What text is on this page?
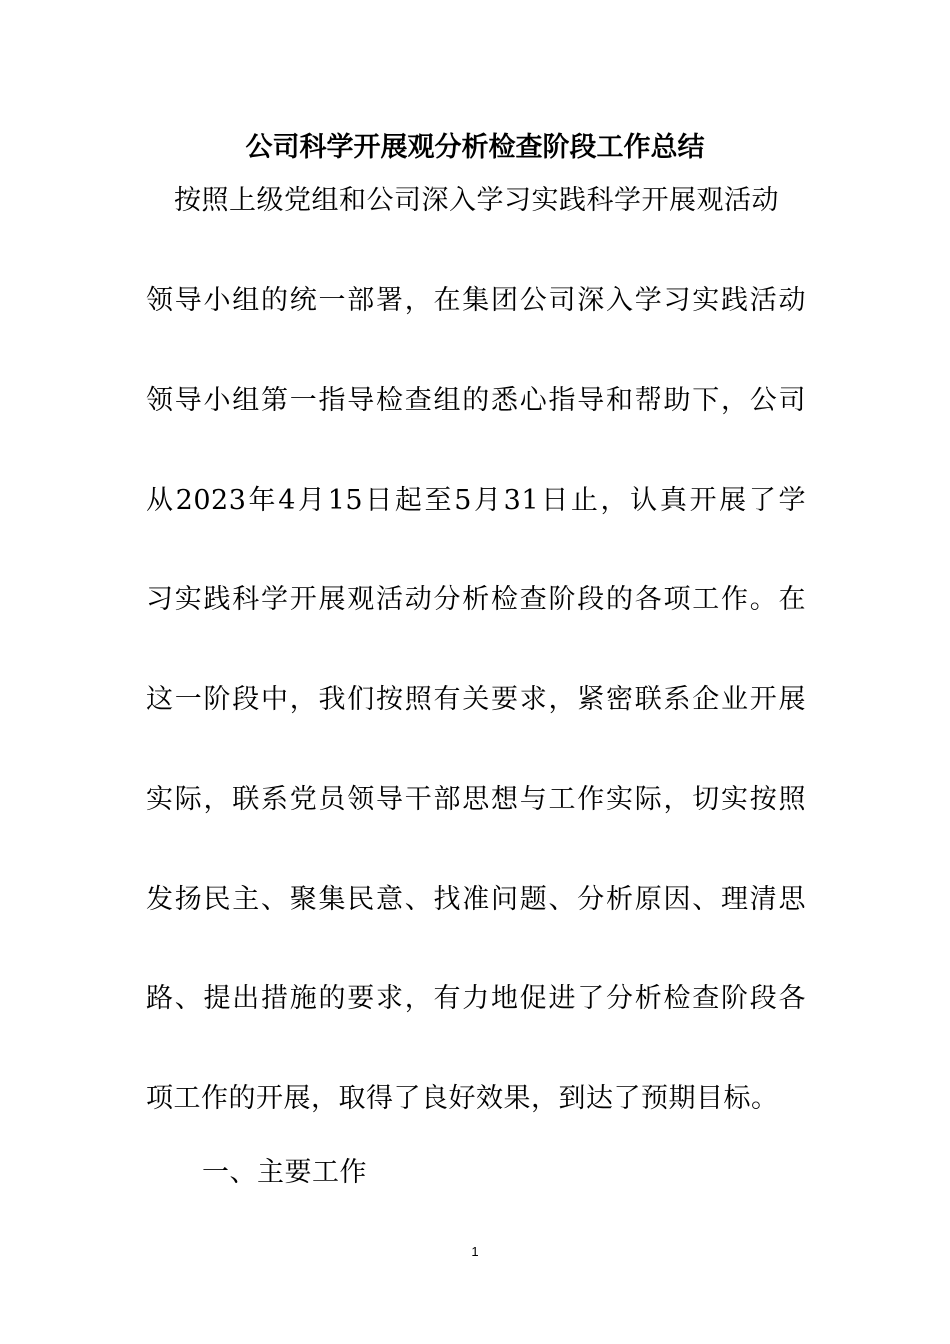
公司科学开展观分析检查阶段工作总结
按照上级党组和公司深入学习实践科学开展观活动
领导小组的统一部署，在集团公司深入学习实践活动
领导小组第一指导检查组的悉心指导和帮助下，公司
从2023年4月15日起至5月31日止，认真开展了学
习实践科学开展观活动分析检查阶段的各项工作。在
这一阶段中，我们按照有关要求，紧密联系企业开展
实际，联系党员领导干部思想与工作实际，切实按照
发扬民主、聚集民意、找准问题、分析原因、理清思
路、提出措施的要求，有力地促进了分析检查阶段各
项工作的开展，取得了良好效果，到达了预期目标。
一、主要工作
1
